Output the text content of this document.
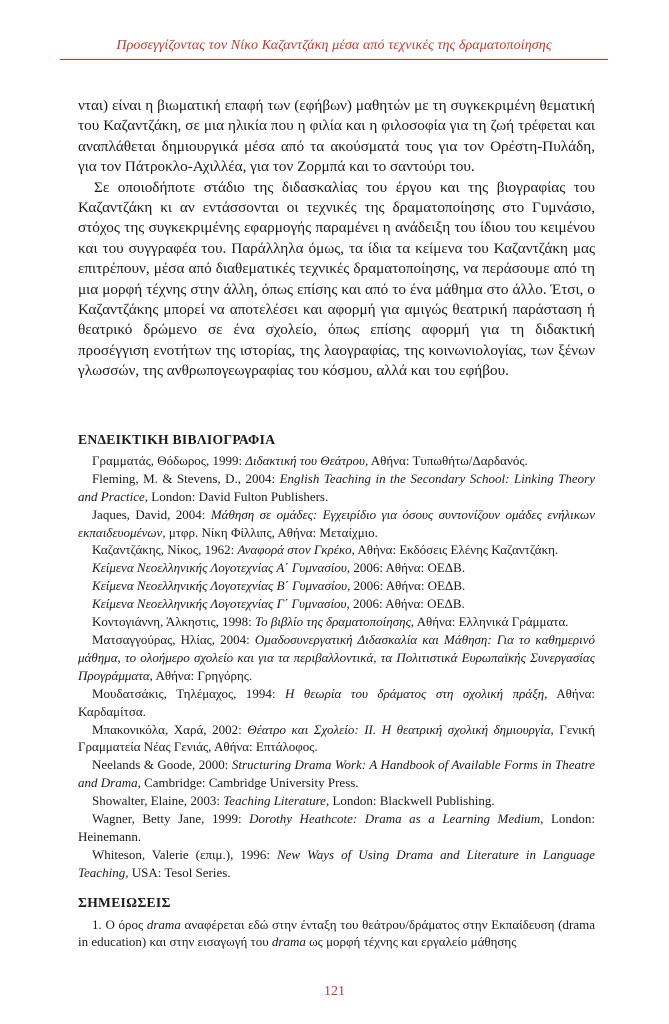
Προσεγγίζοντας τον Νίκο Καζαντζάκη μέσα από τεχνικές της δραματοποίησης

νται) είναι η βιωματική επαφή των (εφήβων) μαθητών με τη συγκεκριμένη θεματική του Καζαντζάκη, σε μια ηλικία που η φιλία και η φιλοσοφία για τη ζωή τρέφεται και αναπλάθεται δημιουργικά μέσα από τα ακούσματά τους για τον Ορέστη-Πυλάδη, για τον Πάτροκλο-Αχιλλέα, για τον Ζορμπά και το σαντούρι του.

Σε οποιοδήποτε στάδιο της διδασκαλίας του έργου και της βιογραφίας του Καζαντζάκη κι αν εντάσσονται οι τεχνικές της δραματοποίησης στο Γυμνάσιο, στόχος της συγκεκριμένης εφαρμογής παραμένει η ανάδειξη του ίδιου του κειμένου και του συγγραφέα του. Παράλληλα όμως, τα ίδια τα κείμενα του Καζαντζάκη μας επιτρέπουν, μέσα από διαθεματικές τεχνικές δραματοποίησης, να περάσουμε από τη μια μορφή τέχνης στην άλλη, όπως επίσης και από το ένα μάθημα στο άλλο. Έτσι, ο Καζαντζάκης μπορεί να αποτελέσει και αφορμή για αμιγώς θεατρική παράσταση ή θεατρικό δρώμενο σε ένα σχολείο, όπως επίσης αφορμή για τη διδακτική προσέγγιση ενοτήτων της ιστορίας, της λαογραφίας, της κοινωνιολογίας, των ξένων γλωσσών, της ανθρωπογεωγραφίας του κόσμου, αλλά και του εφήβου.

ΕΝΔΕΙΚΤΙΚΗ ΒΙΒΛΙΟΓΡΑΦΙΑ

Γραμματάς, Θόδωρος, 1999: Διδακτική του Θεάτρου, Αθήνα: Τυπωθήτω/Δαρδανός.

Fleming, M. & Stevens, D., 2004: English Teaching in the Secondary School: Linking Theory and Practice, London: David Fulton Publishers.

Jaques, David, 2004: Μάθηση σε ομάδες: Εγχειρίδιο για όσους συντονίζουν ομάδες ενήλικων εκπαιδευομένων, μτφρ. Νίκη Φίλλιπς, Αθήνα: Μεταίχμιο.

Καζαντζάκης, Νίκος, 1962: Αναφορά στον Γκρέκο, Αθήνα: Εκδόσεις Ελένης Καζαντζάκη.

Κείμενα Νεοελληνικής Λογοτεχνίας Α΄ Γυμνασίου, 2006: Αθήνα: ΟΕΔΒ.

Κείμενα Νεοελληνικής Λογοτεχνίας Β΄ Γυμνασίου, 2006: Αθήνα: ΟΕΔΒ.

Κείμενα Νεοελληνικής Λογοτεχνίας Γ΄ Γυμνασίου, 2006: Αθήνα: ΟΕΔΒ.

Κοντογιάννη, Άλκηστις, 1998: Το βιβλίο της δραματοποίησης, Αθήνα: Ελληνικά Γράμματα.

Ματσαγγούρας, Ηλίας, 2004: Ομαδοσυνεργατική Διδασκαλία και Μάθηση: Για το καθημερινό μάθημα, το ολοήμερο σχολείο και για τα περιβαλλοντικά, τα Πολιτιστικά Ευρωπαϊκής Συνεργασίας Προγράμματα, Αθήνα: Γρηγόρης.

Μουδατσάκις, Τηλέμαχος, 1994: Η θεωρία του δράματος στη σχολική πράξη, Αθήνα: Καρδαμίτσα.

Μπακονικόλα, Χαρά, 2002: Θέατρο και Σχολείο: ΙΙ. Η θεατρική σχολική δημιουργία, Γενική Γραμματεία Νέας Γενιάς, Αθήνα: Επτάλοφος.

Neelands & Goode, 2000: Structuring Drama Work: A Handbook of Available Forms in Theatre and Drama, Cambridge: Cambridge University Press.

Showalter, Elaine, 2003: Teaching Literature, London: Blackwell Publishing.

Wagner, Betty Jane, 1999: Dorothy Heathcote: Drama as a Learning Medium, London: Heinemann.

Whiteson, Valerie (επιμ.), 1996: New Ways of Using Drama and Literature in Language Teaching, USA: Tesol Series.

ΣΗΜΕΙΩΣΕΙΣ

1. Ο όρος drama αναφέρεται εδώ στην ένταξη του θεάτρου/δράματος στην Εκπαίδευση (drama in education) και στην εισαγωγή του drama ως μορφή τέχνης και εργαλείο μάθησης

121
